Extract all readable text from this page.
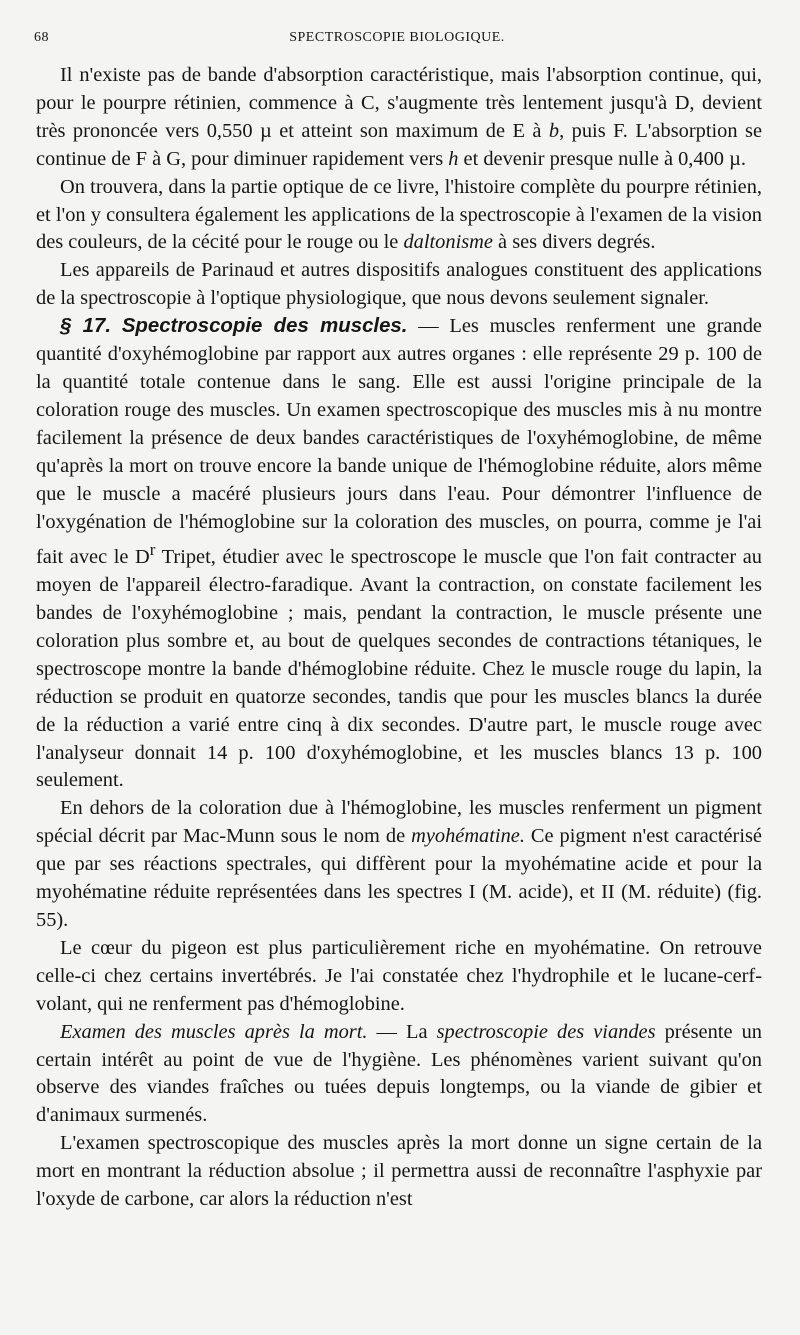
68	SPECTROSCOPIE BIOLOGIQUE.

Il n'existe pas de bande d'absorption caractéristique, mais l'absorption continue, qui, pour le pourpre rétinien, commence à C, s'augmente très lentement jusqu'à D, devient très prononcée vers 0,550 µ et atteint son maximum de E à b, puis F. L'absorption se continue de F à G, pour diminuer rapidement vers h et devenir presque nulle à 0,400 µ.

On trouvera, dans la partie optique de ce livre, l'histoire complète du pourpre rétinien, et l'on y consultera également les applications de la spectroscopie à l'examen de la vision des couleurs, de la cécité pour le rouge ou le daltonisme à ses divers degrés.

Les appareils de Parinaud et autres dispositifs analogues constituent des applications de la spectroscopie à l'optique physiologique, que nous devons seulement signaler.

§ 17. Spectroscopie des muscles. — Les muscles renferment une grande quantité d'oxyhémoglobine par rapport aux autres organes : elle représente 29 p. 100 de la quantité totale contenue dans le sang. Elle est aussi l'origine principale de la coloration rouge des muscles. Un examen spectroscopique des muscles mis à nu montre facilement la présence de deux bandes caractéristiques de l'oxyhémoglobine, de même qu'après la mort on trouve encore la bande unique de l'hémoglobine réduite, alors même que le muscle a macéré plusieurs jours dans l'eau. Pour démontrer l'influence de l'oxygénation de l'hémoglobine sur la coloration des muscles, on pourra, comme je l'ai fait avec le $D^r$ Tripet, étudier avec le spectroscope le muscle que l'on fait contracter au moyen de l'appareil électro-faradique. Avant la contraction, on constate facilement les bandes de l'oxyhémoglobine ; mais, pendant la contraction, le muscle présente une coloration plus sombre et, au bout de quelques secondes de contractions tétaniques, le spectroscope montre la bande d'hémoglobine réduite. Chez le muscle rouge du lapin, la réduction se produit en quatorze secondes, tandis que pour les muscles blancs la durée de la réduction a varié entre cinq à dix secondes. D'autre part, le muscle rouge avec l'analyseur donnait 14 p. 100 d'oxyhémoglobine, et les muscles blancs 13 p. 100 seulement.

En dehors de la coloration due à l'hémoglobine, les muscles renferment un pigment spécial décrit par Mac-Munn sous le nom de myohématine. Ce pigment n'est caractérisé que par ses réactions spectrales, qui diffèrent pour la myohématine acide et pour la myohématine réduite représentées dans les spectres I (M. acide), et II (M. réduite) (fig. 55).

Le cœur du pigeon est plus particulièrement riche en myohématine. On retrouve celle-ci chez certains invertébrés. Je l'ai constatée chez l'hydrophile et le lucane-cerf-volant, qui ne renferment pas d'hémoglobine.

Examen des muscles après la mort. — La spectroscopie des viandes présente un certain intérêt au point de vue de l'hygiène. Les phénomènes varient suivant qu'on observe des viandes fraîches ou tuées depuis longtemps, ou la viande de gibier et d'animaux surmenés.

L'examen spectroscopique des muscles après la mort donne un signe certain de la mort en montrant la réduction absolue ; il permettra aussi de reconnaître l'asphyxie par l'oxyde de carbone, car alors la réduction n'est
